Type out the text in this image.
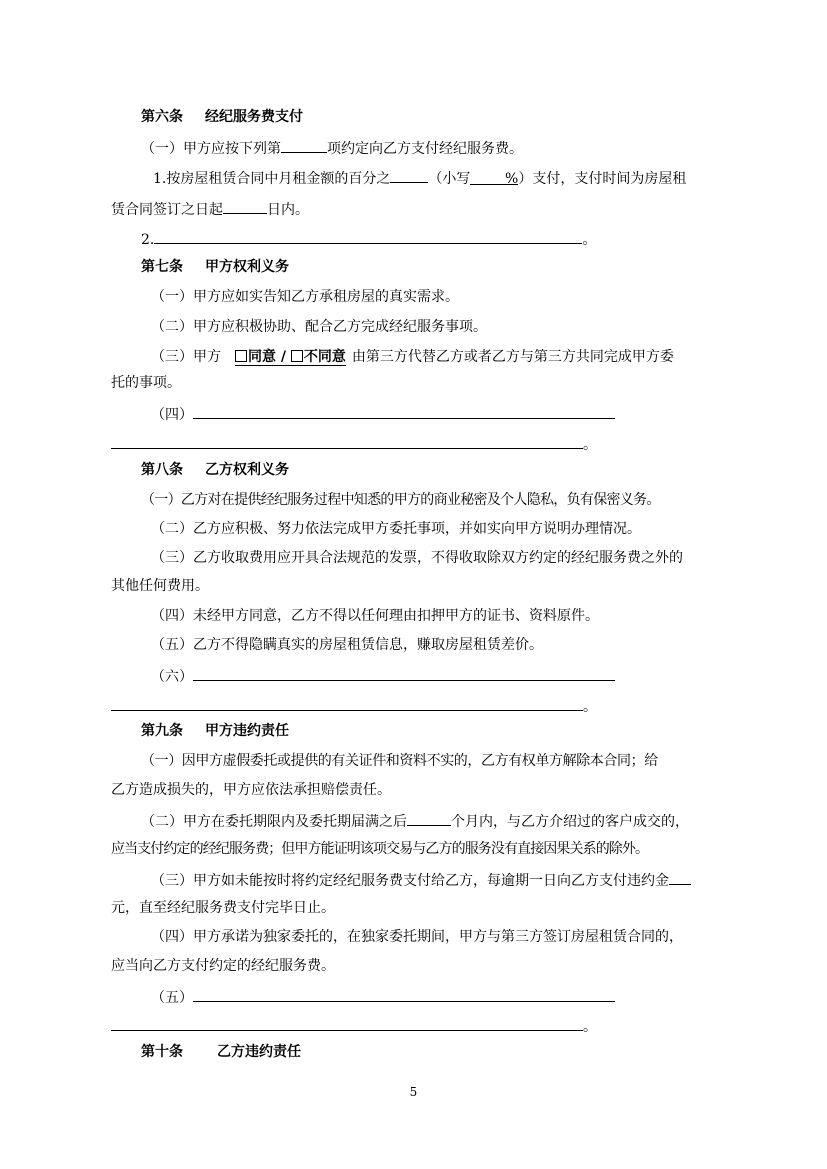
第六条 经纪服务费支付
（一）甲方应按下列第	项约定向乙方支付经纪服务费。
1.按房屋租赁合同中月租金额的百分之	（小写 %）支付，支付时间为房屋租
赁合同签订之日起	日内。
2.	。
第七条 甲方权利义务
（一）甲方应如实告知乙方承租房屋的真实需求。
（二）甲方应积极协助、配合乙方完成经纪服务事项。
（三）甲方 同意 / 不同意 由第三方代替乙方或者乙方与第三方共同完成甲方委
托的事项。
（四）
。
第八条 乙方权利义务
（一）乙方对在提供经纪服务过程中知悉的甲方的商业秘密及个人隐私，负有保密义务。
（二）乙方应积极、努力依法完成甲方委托事项，并如实向甲方说明办理情况。
（三）乙方收取费用应开具合法规范的发票，不得收取除双方约定的经纪服务费之外的
其他任何费用。
（四）未经甲方同意，乙方不得以任何理由扣押甲方的证书、资料原件。
（五）乙方不得隐瞒真实的房屋租赁信息，赚取房屋租赁差价。
（六）
。
第九条 甲方违约责任
（一）因甲方虚假委托或提供的有关证件和资料不实的，乙方有权单方解除本合同；给
乙方造成损失的，甲方应依法承担赔偿责任。
（二）甲方在委托期限内及委托期届满之后	个月内，与乙方介绍过的客户成交的，
应当支付约定的经纪服务费；但甲方能证明该项交易与乙方的服务没有直接因果关系的除外。
（三）甲方如未能按时将约定经纪服务费支付给乙方，每逾期一日向乙方支付违约金
元，直至经纪服务费支付完毕日止。
（四）甲方承诺为独家委托的，在独家委托期间，甲方与第三方签订房屋租赁合同的，
应当向乙方支付约定的经纪服务费。
（五）
。
第十条 乙方违约责任
5
